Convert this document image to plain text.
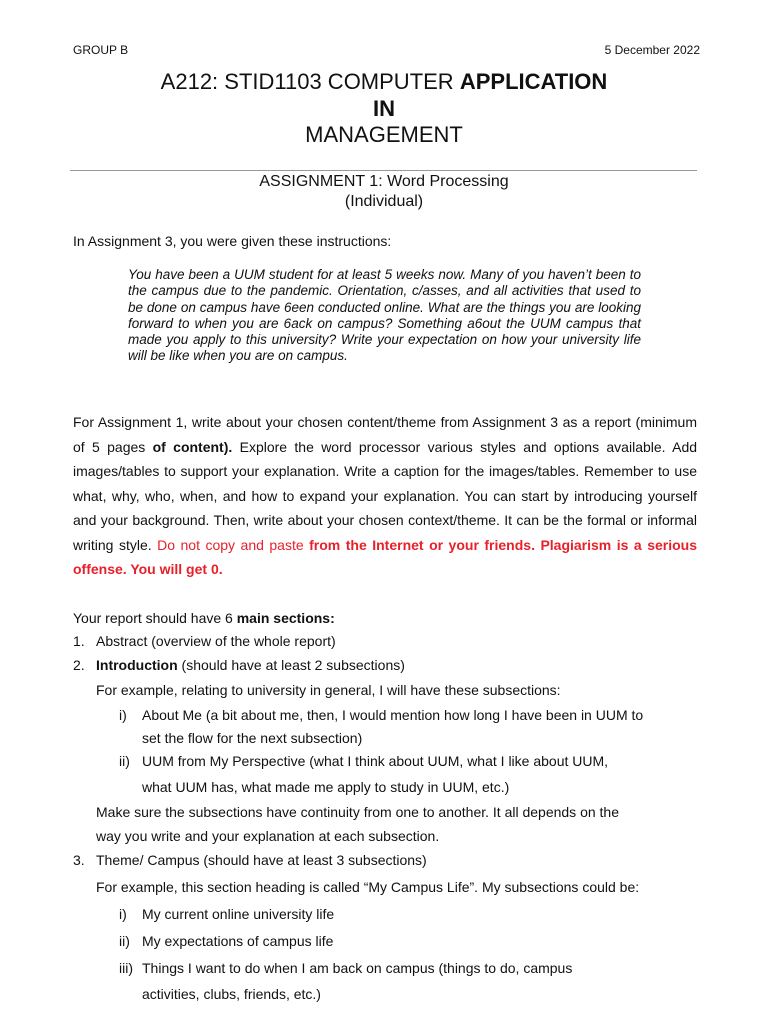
GROUP B	5 December 2022
A212: STID1103 COMPUTER APPLICATION
IN
MANAGEMENT
ASSIGNMENT 1: Word Processing
(Individual)
In Assignment 3, you were given these instructions:
You have been a UUM student for at least 5 weeks now. Many of you haven’t been to the campus due to the pandemic. Orientation, c/asses, and all activities that used to be done on campus have 6een conducted online. What are the things you are looking forward to when you are 6ack on campus? Something a6out the UUM campus that made you apply to this university? Write your expectation on how your university life will be like when you are on campus.
For Assignment 1, write about your chosen content/theme from Assignment 3 as a report (minimum of 5 pages of content). Explore the word processor various styles and options available. Add images/tables to support your explanation. Write a caption for the images/tables. Remember to use what, why, who, when, and how to expand your explanation. You can start by introducing yourself and your background. Then, write about your chosen context/theme. It can be the formal or informal writing style. Do not copy and paste from the Internet or your friends. Plagiarism is a serious offense. You will get 0.
Your report should have 6 main sections:
1. Abstract (overview of the whole report)
2. Introduction (should have at least 2 subsections)
For example, relating to university in general, I will have these subsections:
i) About Me (a bit about me, then, I would mention how long I have been in UUM to
set the flow for the next subsection)
ii) UUM from My Perspective (what I think about UUM, what I like about UUM,
what UUM has, what made me apply to study in UUM, etc.)
Make sure the subsections have continuity from one to another. It all depends on the
way you write and your explanation at each subsection.
3. Theme/ Campus (should have at least 3 subsections)
For example, this section heading is called “My Campus Life”. My subsections could be:
i) My current online university life
ii) My expectations of campus life
iii) Things I want to do when I am back on campus (things to do, campus
activities, clubs, friends, etc.)
